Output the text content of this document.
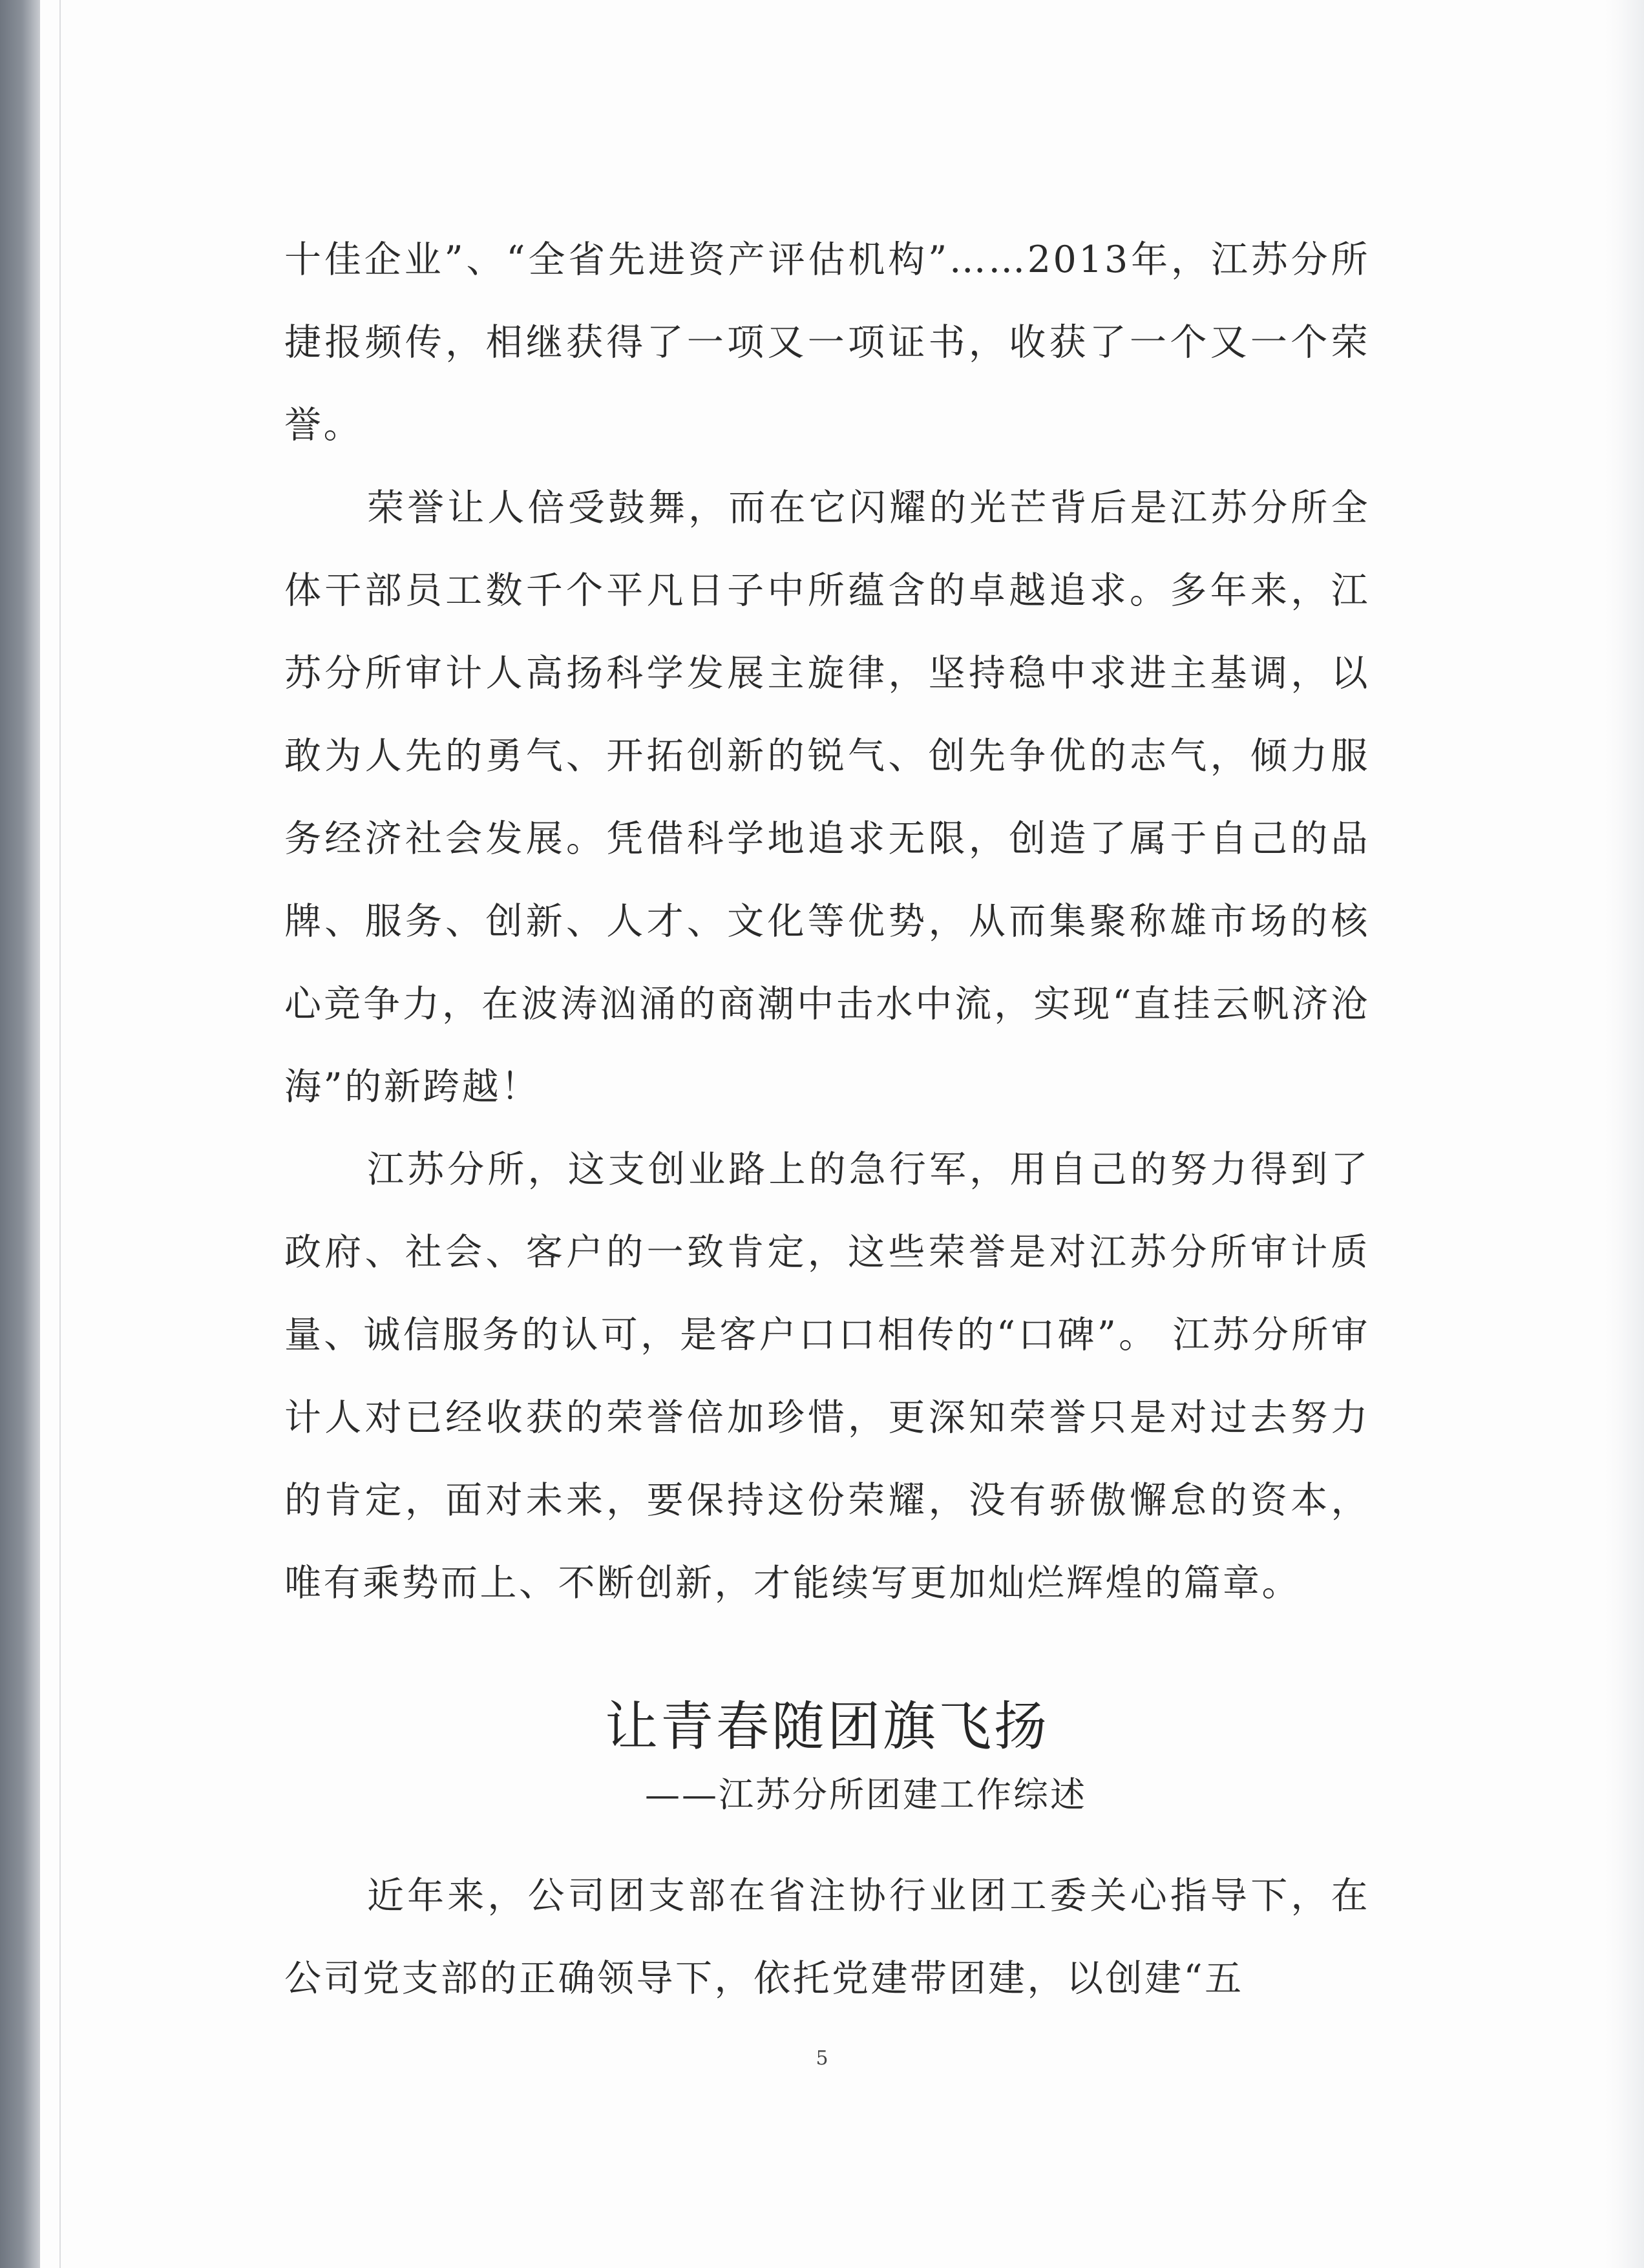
十佳企业”、“全省先进资产评估机构”……2013年，江苏分所捷报频传，相继获得了一项又一项证书，收获了一个又一个荣誉。

荣誉让人倍受鼓舞，而在它闪耀的光芒背后是江苏分所全体干部员工数千个平凡日子中所蕴含的卓越追求。多年来，江苏分所审计人高扬科学发展主旋律，坚持稳中求进主基调，以敢为人先的勇气、开拓创新的锐气、创先争优的志气，倾力服务经济社会发展。凭借科学地追求无限，创造了属于自己的品牌、服务、创新、人才、文化等优势，从而集聚称雄市场的核心竞争力，在波涛汹涌的商潮中击水中流，实现“直挂云帆济沧海”的新跨越！

江苏分所，这支创业路上的急行军，用自己的努力得到了政府、社会、客户的一致肯定，这些荣誉是对江苏分所审计质量、诚信服务的认可，是客户口口相传的“口碑”。 江苏分所审计人对已经收获的荣誉倍加珍惜，更深知荣誉只是对过去努力的肯定，面对未来，要保持这份荣耀，没有骄傲懈怠的资本，唯有乘势而上、不断创新，才能续写更加灿烂辉煌的篇章。

让青春随团旗飞扬

——江苏分所团建工作综述

近年来，公司团支部在省注协行业团工委关心指导下，在公司党支部的正确领导下，依托党建带团建，以创建“五

5
